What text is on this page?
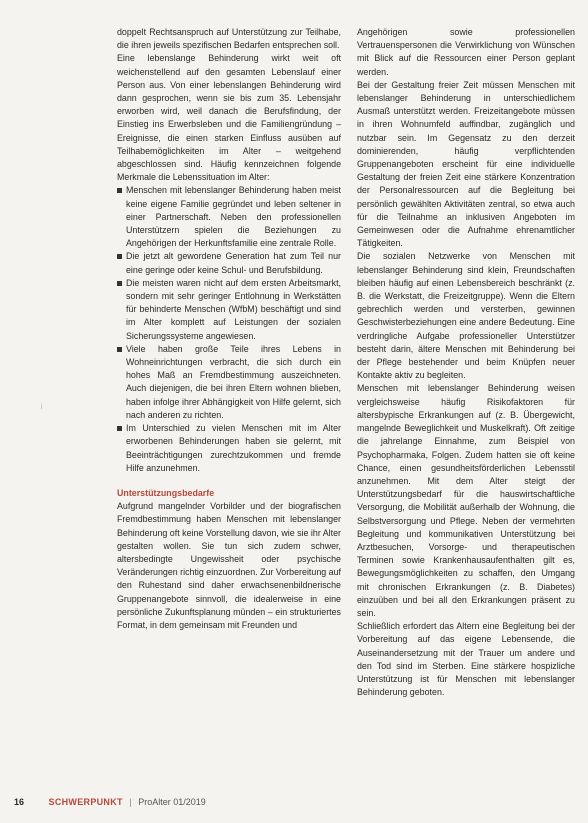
doppelt Rechtsanspruch auf Unterstützung zur Teilhabe, die ihren jeweils spezifischen Bedarfen entsprechen soll.

Eine lebenslange Behinderung wirkt weit oft weichenstellend auf den gesamten Lebenslauf einer Person aus. Von einer lebenslangen Behinderung wird dann gesprochen, wenn sie bis zum 35. Lebensjahr erworben wird, weil danach die Berufsfindung, der Einstieg ins Erwerbsleben und die Familiengründung – Ereignisse, die einen starken Einfluss ausüben auf Teilhabemöglichkeiten im Alter – weitgehend abgeschlossen sind. Häufig kennzeichnen folgende Merkmale die Lebenssituation im Alter:

Menschen mit lebenslanger Behinderung haben meist keine eigene Familie gegründet und leben seltener in einer Partnerschaft. Neben den professionellen Unterstützern spielen die Beziehungen zu Angehörigen der Herkunftsfamilie eine zentrale Rolle.
Die jetzt alt gewordene Generation hat zum Teil nur eine geringe oder keine Schul- und Berufsbildung.
Die meisten waren nicht auf dem ersten Arbeitsmarkt, sondern mit sehr geringer Entlohnung in Werkstätten für behinderte Menschen (WfbM) beschäftigt und sind im Alter komplett auf Leistungen der sozialen Sicherungssysteme angewiesen.
Viele haben große Teile ihres Lebens in Wohneinrichtungen verbracht, die sich durch ein hohes Maß an Fremdbestimmung auszeichneten. Auch diejenigen, die bei ihren Eltern wohnen blieben, haben infolge ihrer Abhängigkeit von Hilfe gelernt, sich nach anderen zu richten.
Im Unterschied zu vielen Menschen mit im Alter erworbenen Behinderungen haben sie gelernt, mit Beeinträchtigungen zurechtzukommen und fremde Hilfe anzunehmen.

Unterstützungsbedarfe

Aufgrund mangelnder Vorbilder und der biografischen Fremdbestimmung haben Menschen mit lebenslanger Behinderung oft keine Vorstellung davon, wie sie ihr Alter gestalten wollen. Sie tun sich zudem schwer, altersbedingte Ungewissheit oder psychische Veränderungen richtig einzuordnen. Zur Vorbereitung auf den Ruhestand sind daher erwachsenenbildnerische Gruppenangebote sinnvoll, die idealerweise in eine persönliche Zukunftsplanung münden – ein strukturiertes Format, in dem gemeinsam mit Freunden und

Angehörigen sowie professionellen Vertrauenspersonen die Verwirklichung von Wünschen mit Blick auf die Ressourcen einer Person geplant werden.

Bei der Gestaltung freier Zeit müssen Menschen mit lebenslanger Behinderung in unterschiedlichem Ausmaß unterstützt werden. Freizeitangebote müssen in ihren Wohnumfeld auffindbar, zugänglich und nutzbar sein. Im Gegensatz zu den derzeit dominierenden, häufig verpflichtenden Gruppenangeboten erscheint für eine individuelle Gestaltung der freien Zeit eine stärkere Konzentration der Personalressourcen auf die Begleitung bei persönlich gewählten Aktivitäten zentral, so etwa auch für die Teilnahme an inklusiven Angeboten im Gemeinwesen oder die Aufnahme ehrenamtlicher Tätigkeiten.

Die sozialen Netzwerke von Menschen mit lebenslanger Behinderung sind klein, Freundschaften bleiben häufig auf einen Lebensbereich beschränkt (z. B. die Werkstatt, die Freizeitgruppe). Wenn die Eltern gebrechlich werden und versterben, gewinnen Geschwisterbeziehungen eine andere Bedeutung. Eine verdringliche Aufgabe professioneller Unterstützer besteht darin, ältere Menschen mit Behinderung bei der Pflege bestehender und beim Knüpfen neuer Kontakte aktiv zu begleiten.

Menschen mit lebenslanger Behinderung weisen vergleichsweise häufig Risikofaktoren für altersbypische Erkrankungen auf (z. B. Übergewicht, mangelnde Beweglichkeit und Muskelkraft). Oft zeitige die jahrelange Einnahme, zum Beispiel von Psychopharmaka, Folgen. Zudem hatten sie oft keine Chance, einen gesundheitsförderlichen Lebensstil anzunehmen. Mit dem Alter steigt der Unterstützungsbedarf für die hauswirtschaftliche Versorgung, die Mobilität außerhalb der Wohnung, die Selbstversorgung und Pflege. Neben der vermehrten Begleitung und kommunikativen Unterstützung bei Arztbesuchen, Vorsorge- und therapeutischen Terminen sowie Krankenhausaufenthalten gilt es, Bewegungsmöglichkeiten zu schaffen, den Umgang mit chronischen Erkrankungen (z. B. Diabetes) einzuüben und bei all den Erkrankungen präsent zu sein.

Schließlich erfordert das Altern eine Begleitung bei der Vorbereitung auf das eigene Lebensende, die Auseinandersetzung mit der Trauer um andere und den Tod sind im Sterben. Eine stärkere hospizliche Unterstützung ist für Menschen mit lebenslanger Behinderung geboten.

¡
16	SCHWERPUNKT | ProAlter 01/2019
